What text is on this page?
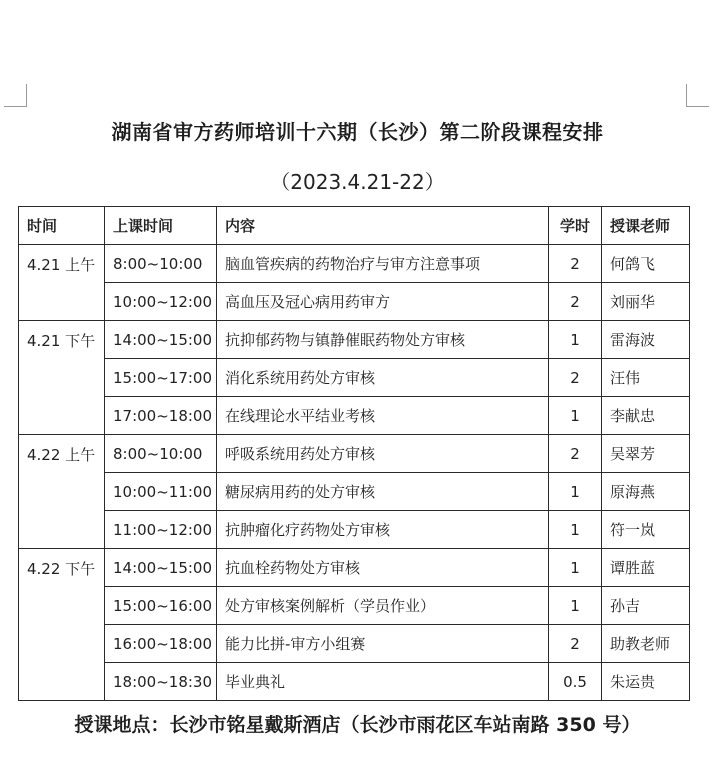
湖南省审方药师培训十六期（长沙）第二阶段课程安排
（2023.4.21-22）
时间	上课时间	内容	学时	授课老师
4.21 上午	8:00~10:00	脑血管疾病的药物治疗与审方注意事项	2	何鸽飞
	10:00~12:00	高血压及冠心病用药审方	2	刘丽华
4.21 下午	14:00~15:00	抗抑郁药物与镇静催眠药物处方审核	1	雷海波
	15:00~17:00	消化系统用药处方审核	2	汪伟
	17:00~18:00	在线理论水平结业考核	1	李献忠
4.22 上午	8:00~10:00	呼吸系统用药处方审核	2	吴翠芳
	10:00~11:00	糖尿病用药的处方审核	1	原海燕
	11:00~12:00	抗肿瘤化疗药物处方审核	1	符一岚
4.22 下午	14:00~15:00	抗血栓药物处方审核	1	谭胜蓝
	15:00~16:00	处方审核案例解析（学员作业）	1	孙吉
	16:00~18:00	能力比拼-审方小组赛	2	助教老师
	18:00~18:30	毕业典礼	0.5	朱运贵
授课地点：长沙市铭星戴斯酒店（长沙市雨花区车站南路 350 号）
